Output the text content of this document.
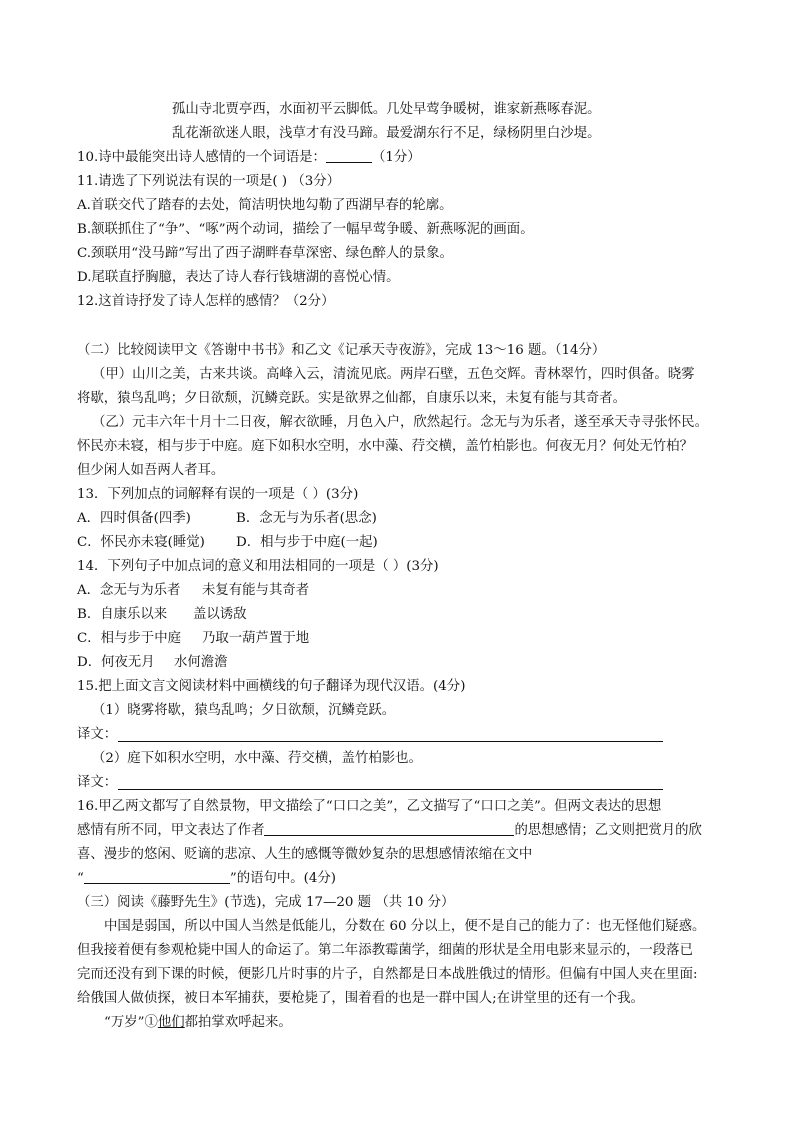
孤山寺北贾亭西，水面初平云脚低。几处早莺争暖树，谁家新燕啄春泥。
乱花渐欲迷人眼，浅草才有没马蹄。最爱湖东行不足，绿杨阴里白沙堤。
10.诗中最能突出诗人感情的一个词语是：	（1分）
11.请选了下列说法有误的一项是( ) （3分）
A.首联交代了踏春的去处，简洁明快地勾勒了西湖早春的轮廓。
B.颔联抓住了“争”、“啄”两个动词，描绘了一幅早莺争暖、新燕啄泥的画面。
C.颈联用“没马蹄”写出了西子湖畔春草深密、绿色醉人的景象。
D.尾联直抒胸臆，表达了诗人春行钱塘湖的喜悦心情。
12.这首诗抒发了诗人怎样的感情？（2分）
（二）比较阅读甲文《答谢中书书》和乙文《记承天寺夜游》，完成 13～16 题。（14分）
（甲）山川之美，古来共谈。高峰入云，清流见底。两岸石壁，五色交辉。青林翠竹，四时俱备。晓雾
将歇，猿鸟乱鸣；夕日欲颓，沉鳞竞跃。实是欲界之仙都，自康乐以来，未复有能与其奇者。
（乙）元丰六年十月十二日夜，解衣欲睡，月色入户，欣然起行。念无与为乐者，遂至承天寺寻张怀民。
怀民亦未寝，相与步于中庭。庭下如积水空明，水中藻、荇交横，盖竹柏影也。何夜无月？何处无竹柏？
但少闲人如吾两人者耳。
13．下列加点的词解释有误的一项是（ ）(3分)
A．四时俱备(四季)	B．念无与为乐者(思念)
C．怀民亦未寝(睡觉) D．相与步于中庭(一起)
14．下列句子中加点词的意义和用法相同的一项是（ ）(3分)
A．念无与为乐者 未复有能与其奇者
B．自康乐以来 盖以诱敌
C．相与步于中庭 乃取一葫芦置于地
D．何夜无月 水何澹澹
15.把上面文言文阅读材料中画横线的句子翻译为现代汉语。(4分)
（1）晓雾将歇，猿鸟乱鸣；夕日欲颓，沉鳞竞跃。
译文：
（2）庭下如积水空明，水中藻、荇交横，盖竹柏影也。
译文：
16.甲乙两文都写了自然景物，甲文描绘了“口口之美”，乙文描写了“口口之美”。但两文表达的思想
感情有所不同，甲文表达了作者	的思想感情；乙文则把赏月的欣
喜、漫步的悠闲、贬谪的悲凉、人生的感慨等微妙复杂的思想感情浓缩在文中
“	”的语句中。(4分)
（三）阅读《藤野先生》(节选)，完成 17—20 题 （共 10 分）
中国是弱国，所以中国人当然是低能儿，分数在 60 分以上，便不是自己的能力了：也无怪他们疑惑。
但我接着便有参观枪毙中国人的命运了。第二年添教霉菌学，细菌的形状是全用电影来显示的，一段落已
完而还没有到下课的时候，便影几片时事的片子，自然都是日本战胜俄过的情形。但偏有中国人夹在里面:
给俄国人做侦探，被日本军捕获，要枪毙了，围着看的也是一群中国人;在讲堂里的还有一个我。
“万岁”①他们都拍掌欢呼起来。
